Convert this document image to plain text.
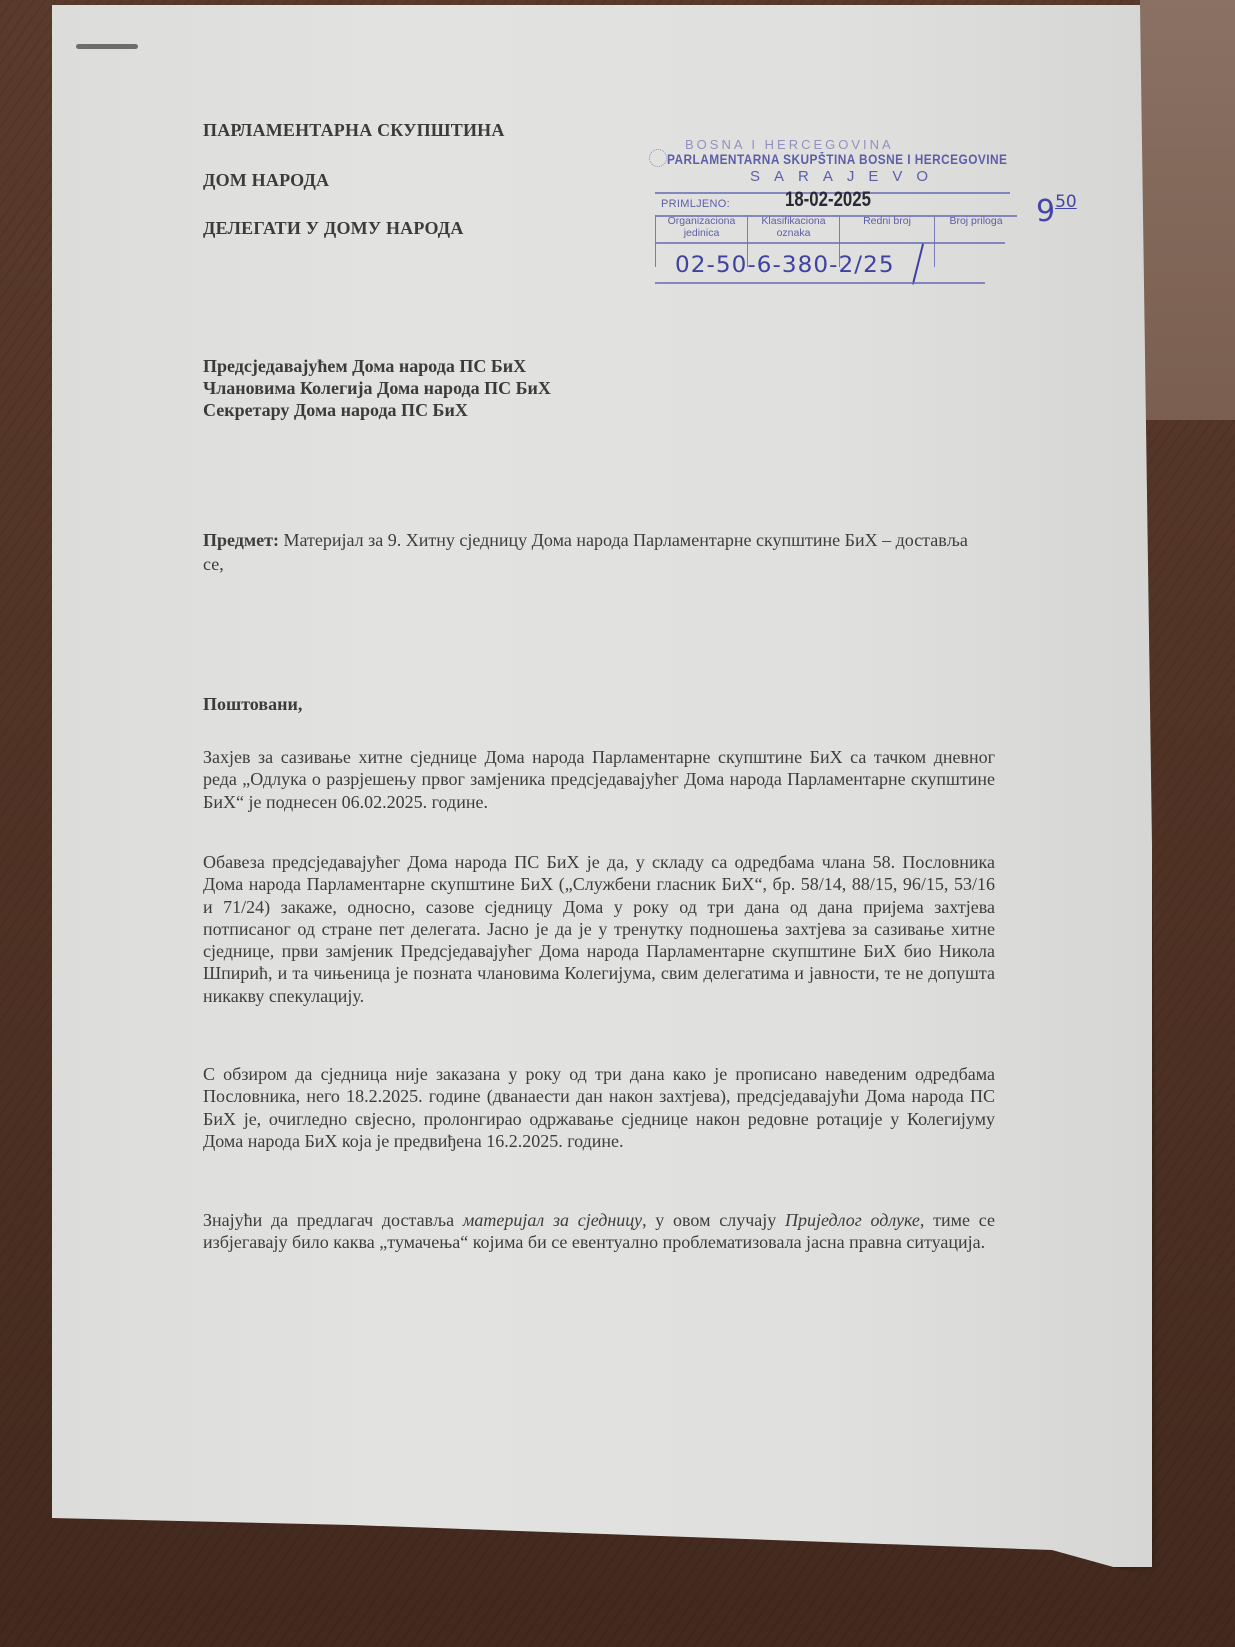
ПАРЛАМЕНТАРНА СКУПШТИНА
ДОМ НАРОДА
ДЕЛЕГАТИ У ДОМУ НАРОДА
BOSNA I HERCEGOVINA
PARLAMENTARNA SKUPŠTINA BOSNE I HERCEGOVINE
SARAJEVO
PRIMLJENO:	18-02-2025
Organizaciona jedinica
Klasifikaciona oznaka
Redni broj	Broj priloga
02-50-6-380-2/25
$9^{50}$
Предсједавајућем Дома народа ПС БиХ
Члановима Колегија Дома народа ПС БиХ
Секретару Дома народа ПС БиХ
Предмет: Материјал за 9. Хитну сједницу Дома народа Парламентарне скупштине БиХ – доставља се,
Поштовани,
Захјев за сазивање хитне сједнице Дома народа Парламентарне скупштине БиХ са тачком дневног реда „Одлука о разрјешењу првог замјеника предсједавајућег Дома народа Парламентарне скупштине БиХ“ је поднесен 06.02.2025. године.
Обавеза предсједавајућег Дома народа ПС БиХ је да, у складу са одредбама члана 58. Пословника Дома народа Парламентарне скупштине БиХ („Службени гласник БиХ“, бр. 58/14, 88/15, 96/15, 53/16 и 71/24) закаже, односно, сазове сједницу Дома у року од три дана од дана пријема захтјева потписаног од стране пет делегата. Јасно је да је у тренутку подношења захтјева за сазивање хитне сједнице, први замјеник Предсједавајућег Дома народа Парламентарне скупштине БиХ био Никола Шпирић, и та чињеница је позната члановима Колегијума, свим делегатима и јавности, те не допушта никакву спекулацију.
С обзиром да сједница није заказана у року од три дана како је прописано наведеним одредбама Пословника, него 18.2.2025. године (дванаести дан након захтјева), предсједавајући Дома народа ПС БиХ је, очигледно свјесно, пролонгирао одржавање сједнице након редовне ротације у Колегијуму Дома народа БиХ која је предвиђена 16.2.2025. године.
Знајући да предлагач доставља материјал за сједницу, у овом случају Приједлог одлуке, тиме се избјегавају било каква „тумачења“ којима би се евентуално проблематизовала јасна правна ситуација.
